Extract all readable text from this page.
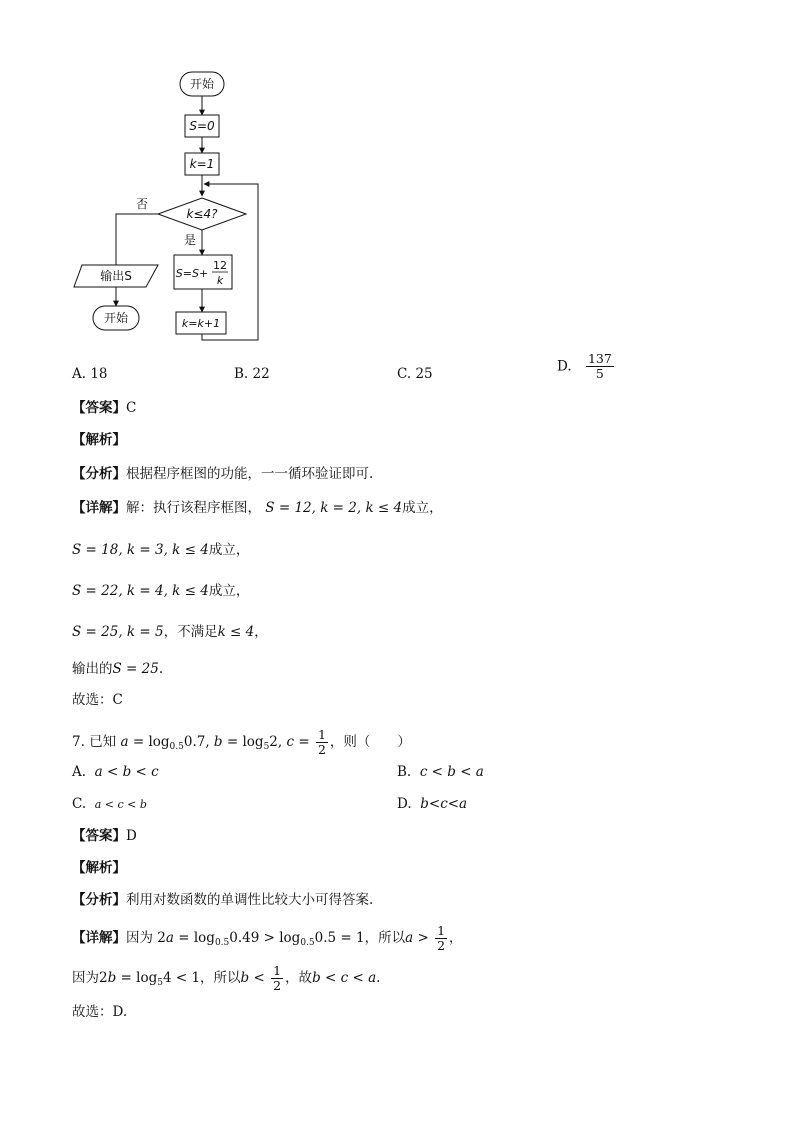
开始
S=0
k=1
k≤4?
否
是
S=S+
12
k
k=k+1
输出S
开始
A. 18	B. 22	C. 25	D. $\frac{137}{5}$
【答案】C
【解析】
【分析】根据程序框图的功能，一一循环验证即可.
【详解】解：执行该程序框图， S = 12, k = 2, k ≤ 4成立，
S = 18, k = 3, k ≤ 4成立，
S = 22, k = 4, k ≤ 4成立，
S = 25, k = 5，不满足k ≤ 4，
输出的S = 25.
故选：C
7. 已知 $a = \log_{0.5}0.7$, $b = \log_52$, $c = \frac{1}{2}$ ，则（　　）
A. a < b < c	B. c < b < a
C. a < c < b	D. b<c<a
【答案】D
【解析】
【分析】利用对数函数的单调性比较大小可得答案.
【详解】因为 $2a = \log_{0.5}0.49 > \log_{0.5}0.5 = 1$，所以$a > \frac{1}{2}$ ，
因为$2b = \log_54 < 1$，所以$b < \frac{1}{2}$ ，故b < c < a.
故选：D.
